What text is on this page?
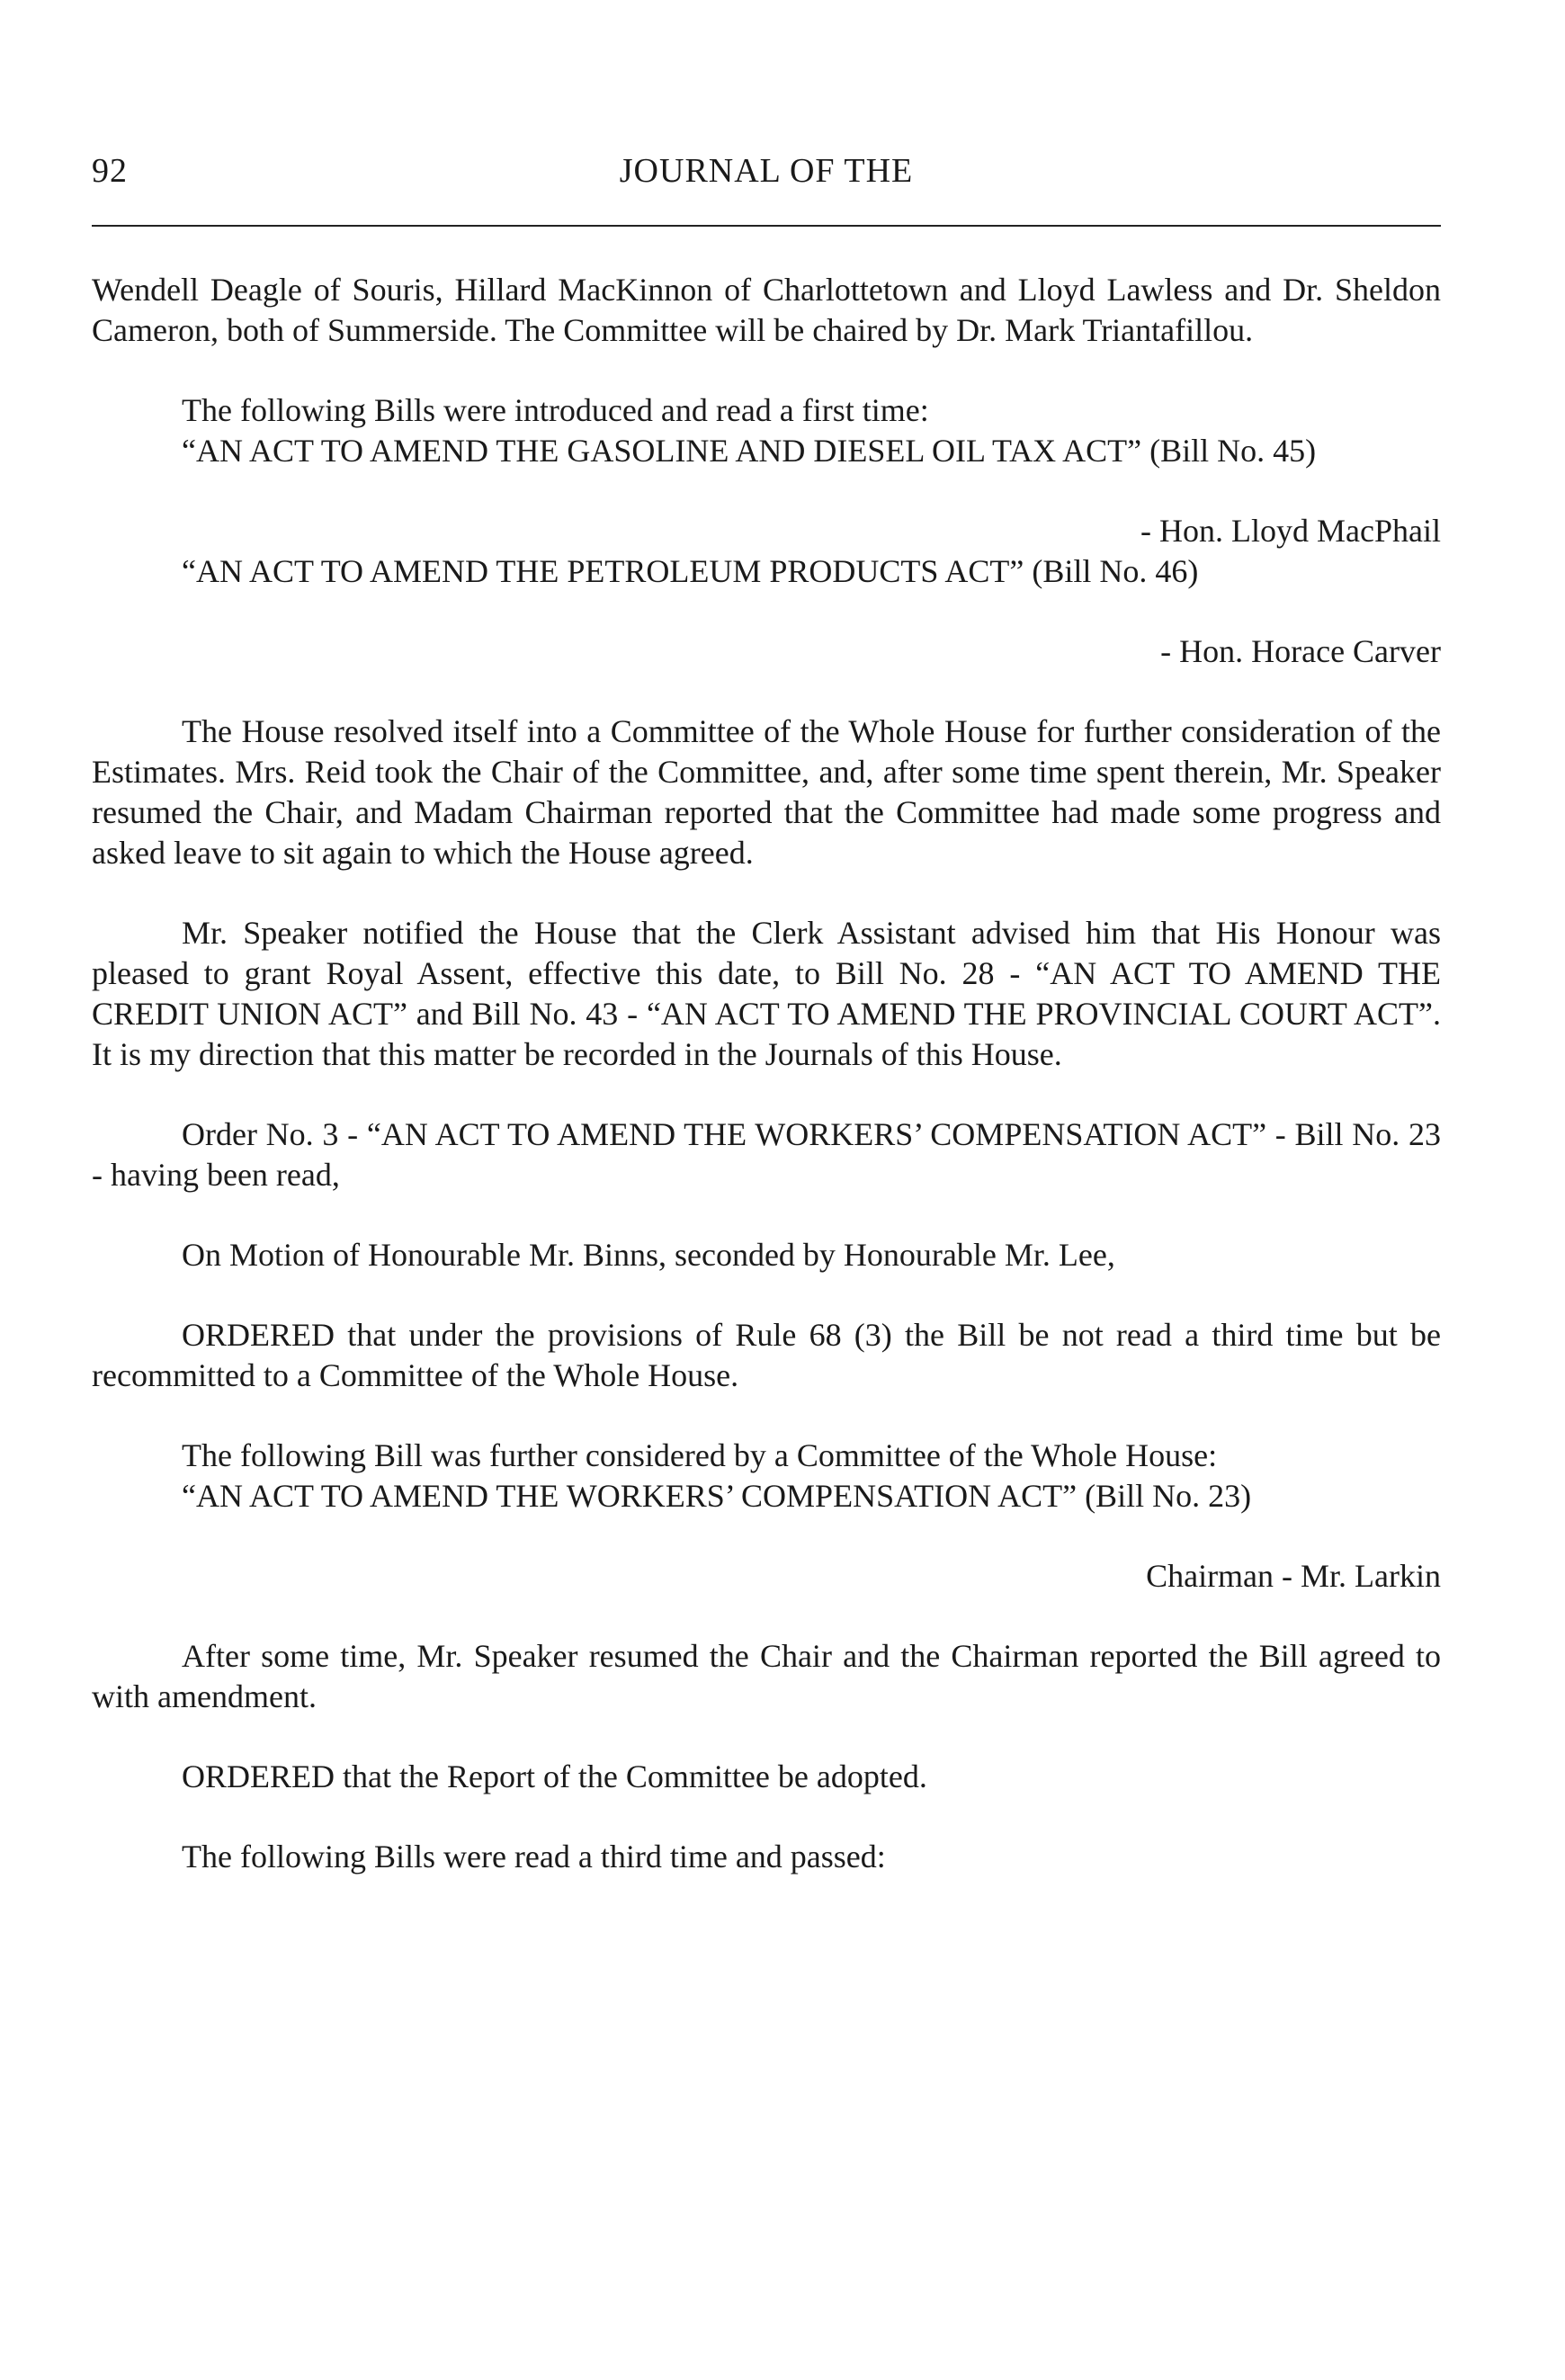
92	JOURNAL OF THE

Wendell Deagle of Souris, Hillard MacKinnon of Charlottetown and Lloyd Lawless and Dr. Sheldon Cameron, both of Summerside. The Committee will be chaired by Dr. Mark Triantafillou.

The following Bills were introduced and read a first time:

“AN ACT TO AMEND THE GASOLINE AND DIESEL OIL TAX ACT” (Bill No. 45)

- Hon. Lloyd MacPhail

“AN ACT TO AMEND THE PETROLEUM PRODUCTS ACT” (Bill No. 46)

- Hon. Horace Carver

The House resolved itself into a Committee of the Whole House for further consideration of the Estimates. Mrs. Reid took the Chair of the Committee, and, after some time spent therein, Mr. Speaker resumed the Chair, and Madam Chairman reported that the Committee had made some progress and asked leave to sit again to which the House agreed.

Mr. Speaker notified the House that the Clerk Assistant advised him that His Honour was pleased to grant Royal Assent, effective this date, to Bill No. 28 - “AN ACT TO AMEND THE CREDIT UNION ACT” and Bill No. 43 - “AN ACT TO AMEND THE PROVINCIAL COURT ACT”. It is my direction that this matter be recorded in the Journals of this House.

Order No. 3 - “AN ACT TO AMEND THE WORKERS’ COMPENSATION ACT” - Bill No. 23 - having been read,

On Motion of Honourable Mr. Binns, seconded by Honourable Mr. Lee,

ORDERED that under the provisions of Rule 68 (3) the Bill be not read a third time but be recommitted to a Committee of the Whole House.

The following Bill was further considered by a Committee of the Whole House:

“AN ACT TO AMEND THE WORKERS’ COMPENSATION ACT” (Bill No. 23)

Chairman - Mr. Larkin

After some time, Mr. Speaker resumed the Chair and the Chairman reported the Bill agreed to with amendment.

ORDERED that the Report of the Committee be adopted.

The following Bills were read a third time and passed:
